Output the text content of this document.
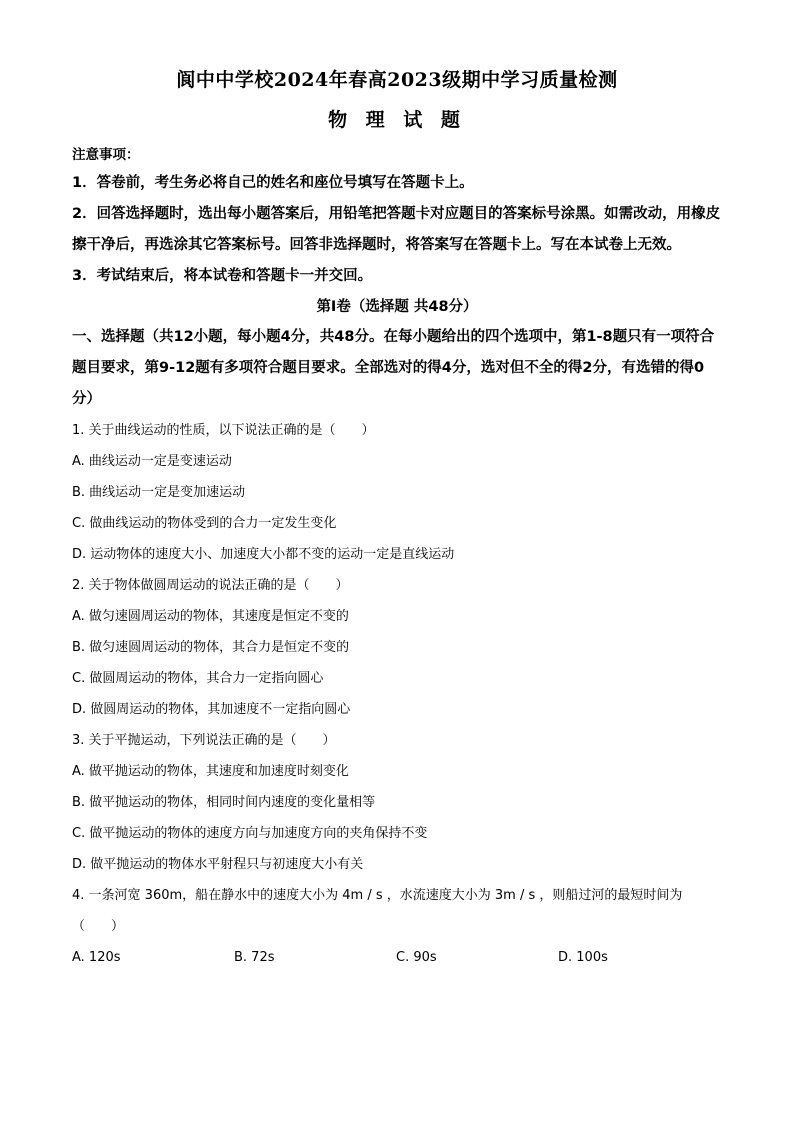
阆中中学校2024年春高2023级期中学习质量检测
物 理 试 题
注意事项：
1．答卷前，考生务必将自己的姓名和座位号填写在答题卡上。
2．回答选择题时，选出每小题答案后，用铅笔把答题卡对应题目的答案标号涂黑。如需改动，用橡皮擦干净后，再选涂其它答案标号。回答非选择题时，将答案写在答题卡上。写在本试卷上无效。
3．考试结束后，将本试卷和答题卡一并交回。
第Ⅰ卷（选择题 共48分）
一、选择题（共12小题，每小题4分，共48分。在每小题给出的四个选项中，第1-8题只有一项符合题目要求，第9-12题有多项符合题目要求。全部选对的得4分，选对但不全的得2分，有选错的得0分）
1. 关于曲线运动的性质，以下说法正确的是（　　）
A. 曲线运动一定是变速运动
B. 曲线运动一定是变加速运动
C. 做曲线运动的物体受到的合力一定发生变化
D. 运动物体的速度大小、加速度大小都不变的运动一定是直线运动
2. 关于物体做圆周运动的说法正确的是（　　）
A. 做匀速圆周运动的物体，其速度是恒定不变的
B. 做匀速圆周运动的物体，其合力是恒定不变的
C. 做圆周运动的物体，其合力一定指向圆心
D. 做圆周运动的物体，其加速度不一定指向圆心
3. 关于平抛运动，下列说法正确的是（　　）
A. 做平抛运动的物体，其速度和加速度时刻变化
B. 做平抛运动的物体，相同时间内速度的变化量相等
C. 做平抛运动的物体的速度方向与加速度方向的夹角保持不变
D. 做平抛运动的物体水平射程只与初速度大小有关
4. 一条河宽 360m，船在静水中的速度大小为 4m / s ，水流速度大小为 3m / s ，则船过河的最短时间为（　　）
A. 120s	B. 72s	C. 90s	D. 100s
